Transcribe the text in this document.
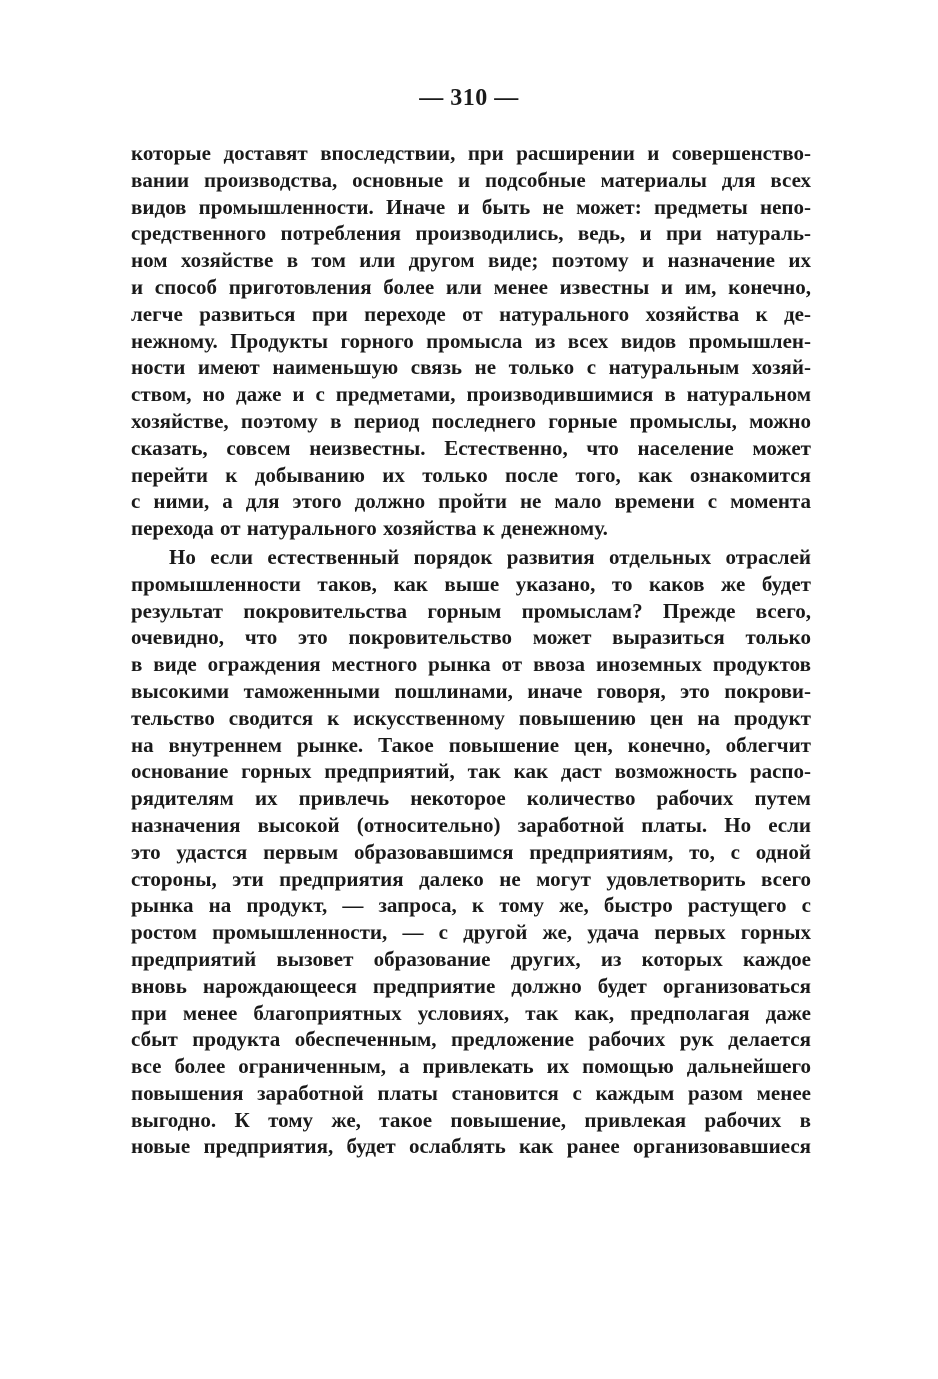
— 310 —
которые доставят впоследствии, при расширении и совершенство-
вании производства, основные и подсобные материалы для всех
видов промышленности. Иначе и быть не может: предметы непо-
средственного потребления производились, ведь, и при натураль-
ном хозяйстве в том или другом виде; поэтому и назначение их
и способ приготовления более или менее известны и им, конечно,
легче развиться при переходе от натурального хозяйства к де-
нежному. Продукты горного промысла из всех видов промышлен-
ности имеют наименьшую связь не только с натуральным хозяй-
ством, но даже и с предметами, производившимися в натуральном
хозяйстве, поэтому в период последнего горные промыслы, можно
сказать, совсем неизвестны. Естественно, что население может
перейти к добыванию их только после того, как ознакомится
с ними, а для этого должно пройти не мало времени с момента
перехода от натурального хозяйства к денежному.
Но если естественный порядок развития отдельных отраслей
промышленности таков, как выше указано, то каков же будет
результат покровительства горным промыслам? Прежде всего,
очевидно, что это покровительство может выразиться только
в виде ограждения местного рынка от ввоза иноземных продуктов
высокими таможенными пошлинами, иначе говоря, это покрови-
тельство сводится к искусственному повышению цен на продукт
на внутреннем рынке. Такое повышение цен, конечно, облегчит
основание горных предприятий, так как даст возможность распо-
рядителям их привлечь некоторое количество рабочих путем
назначения высокой (относительно) заработной платы. Но если
это удастся первым образовавшимся предприятиям, то, с одной
стороны, эти предприятия далеко не могут удовлетворить всего
рынка на продукт, — запроса, к тому же, быстро растущего с
ростом промышленности, — с другой же, удача первых горных
предприятий вызовет образование других, из которых каждое
вновь нарождающееся предприятие должно будет организоваться
при менее благоприятных условиях, так как, предполагая даже
сбыт продукта обеспеченным, предложение рабочих рук делается
все более ограниченным, а привлекать их помощью дальнейшего
повышения заработной платы становится с каждым разом менее
выгодно. К тому же, такое повышение, привлекая рабочих в
новые предприятия, будет ослаблять как ранее организовавшиеся
